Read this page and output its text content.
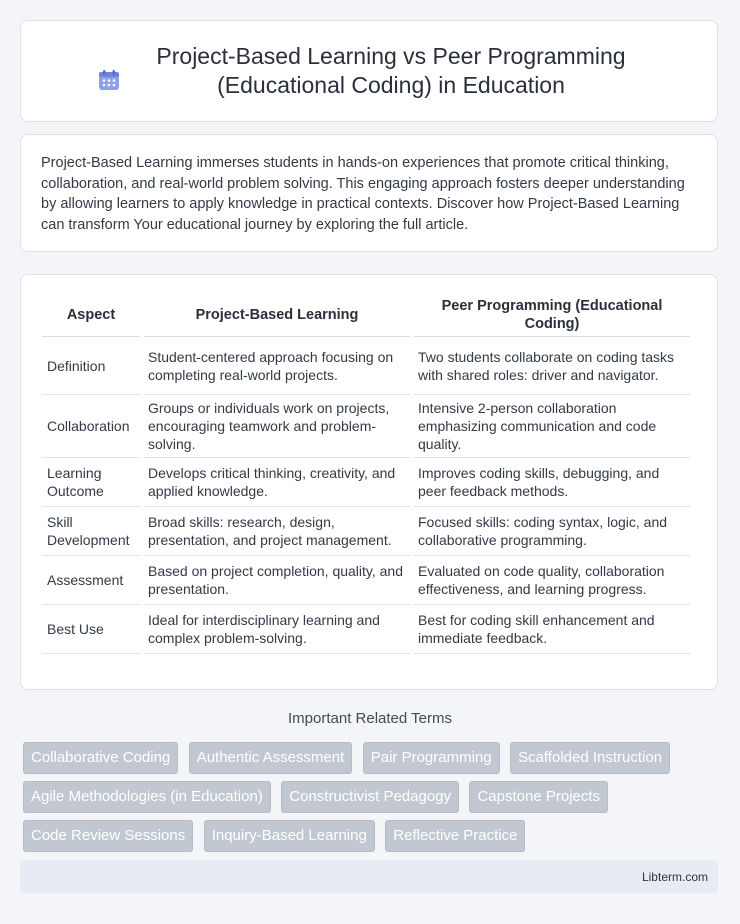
Project-Based Learning vs Peer Programming (Educational Coding) in Education

Project-Based Learning immerses students in hands-on experiences that promote critical thinking, collaboration, and real-world problem solving. This engaging approach fosters deeper understanding by allowing learners to apply knowledge in practical contexts. Discover how Project-Based Learning can transform Your educational journey by exploring the full article.

Aspect	Project-Based Learning	Peer Programming (Educational Coding)
Definition	Student-centered approach focusing on completing real-world projects.	Two students collaborate on coding tasks with shared roles: driver and navigator.
Collaboration	Groups or individuals work on projects, encouraging teamwork and problem-solving.	Intensive 2-person collaboration emphasizing communication and code quality.
Learning Outcome	Develops critical thinking, creativity, and applied knowledge.	Improves coding skills, debugging, and peer feedback methods.
Skill Development	Broad skills: research, design, presentation, and project management.	Focused skills: coding syntax, logic, and collaborative programming.
Assessment	Based on project completion, quality, and presentation.	Evaluated on code quality, collaboration effectiveness, and learning progress.
Best Use	Ideal for interdisciplinary learning and complex problem-solving.	Best for coding skill enhancement and immediate feedback.
Important Related Terms
Collaborative Coding Authentic Assessment Pair Programming Scaffolded Instruction Agile Methodologies (in Education) Constructivist Pedagogy Capstone Projects Code Review Sessions Inquiry-Based Learning Reflective Practice
Libterm.com
